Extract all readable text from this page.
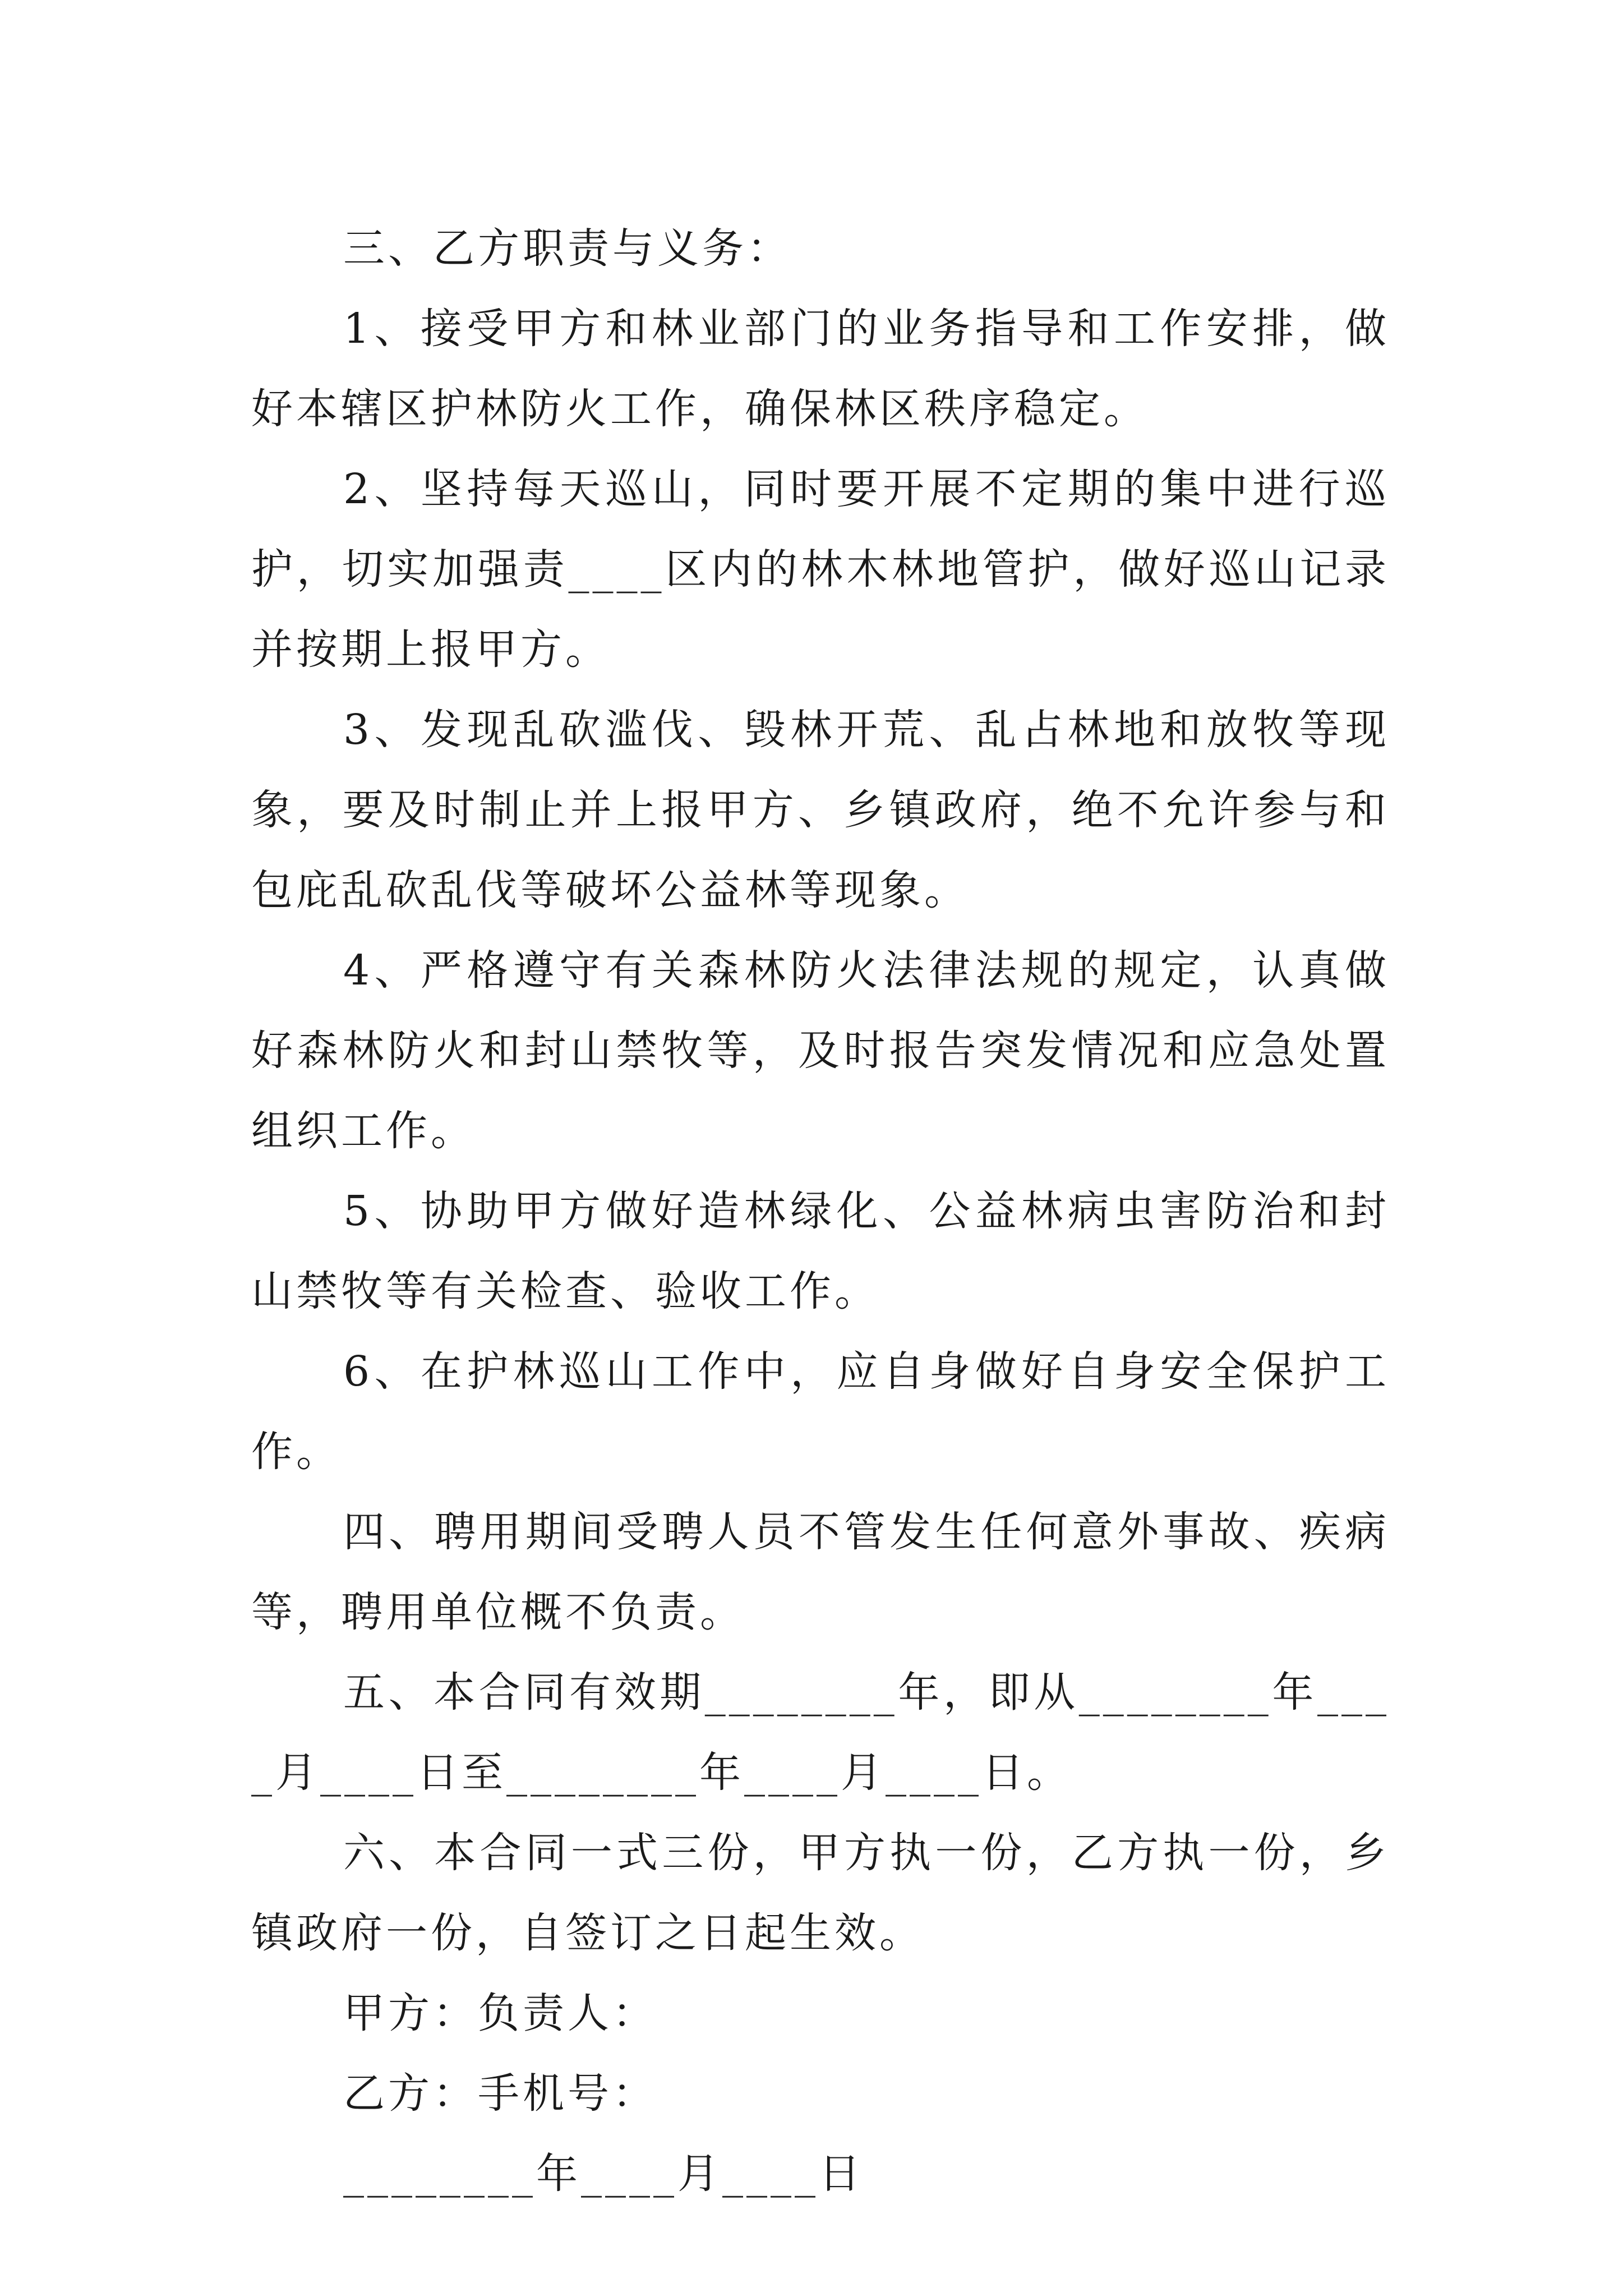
三、乙方职责与义务：

1、接受甲方和林业部门的业务指导和工作安排，做好本辖区护林防火工作，确保林区秩序稳定。

2、坚持每天巡山，同时要开展不定期的集中进行巡护，切实加强责____区内的林木林地管护，做好巡山记录并按期上报甲方。

3、发现乱砍滥伐、毁林开荒、乱占林地和放牧等现象，要及时制止并上报甲方、乡镇政府，绝不允许参与和包庇乱砍乱伐等破坏公益林等现象。

4、严格遵守有关森林防火法律法规的规定，认真做好森林防火和封山禁牧等，及时报告突发情况和应急处置组织工作。

5、协助甲方做好造林绿化、公益林病虫害防治和封山禁牧等有关检查、验收工作。

6、在护林巡山工作中，应自身做好自身安全保护工作。

四、聘用期间受聘人员不管发生任何意外事故、疾病等，聘用单位概不负责。

五、本合同有效期________年，即从________年____月____日至________年____月____日。

六、本合同一式三份，甲方执一份，乙方执一份，乡镇政府一份，自签订之日起生效。

甲方：负责人：

乙方：手机号：

________年____月____日
